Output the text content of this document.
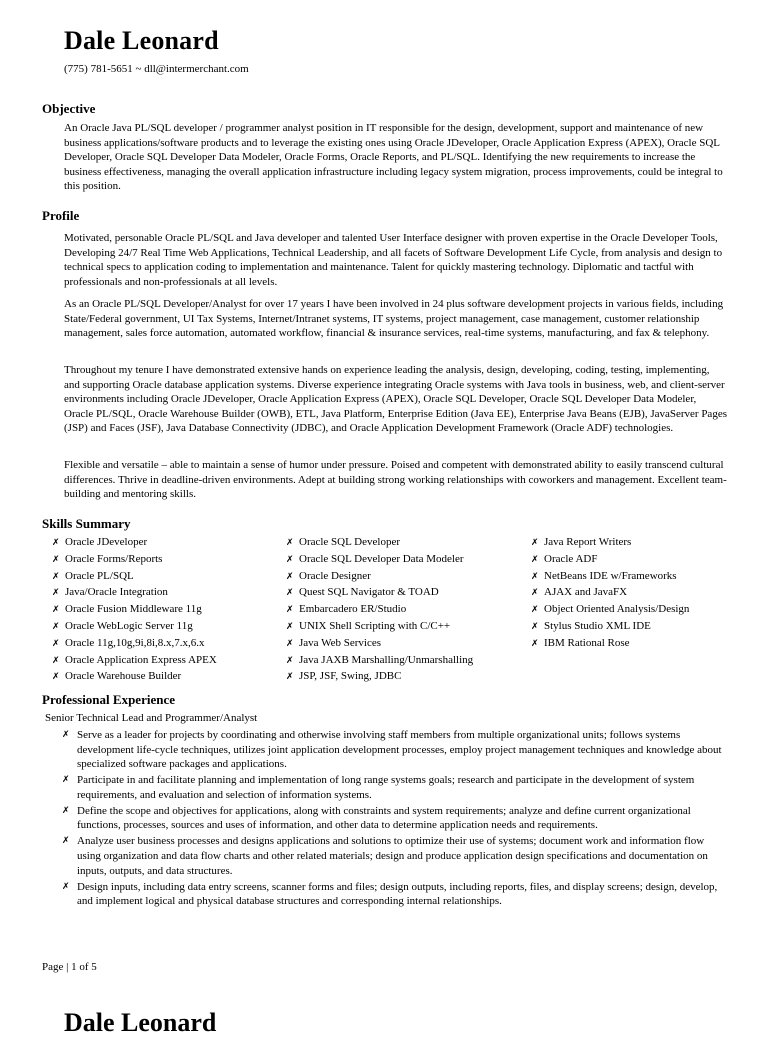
Dale Leonard
(775) 781-5651 ~ dll@intermerchant.com
Objective
An Oracle Java PL/SQL developer / programmer analyst position in IT responsible for the design, development, support and maintenance of new business applications/software products and to leverage the existing ones using Oracle JDeveloper, Oracle Application Express (APEX), Oracle SQL Developer, Oracle SQL Developer Data Modeler, Oracle Forms, Oracle Reports, and PL/SQL. Identifying the new requirements to increase the business effectiveness, managing the overall application infrastructure including legacy system migration, process improvements, could be integral to this position.
Profile
Motivated, personable Oracle PL/SQL and Java developer and talented User Interface designer with proven expertise in the Oracle Developer Tools, Developing 24/7 Real Time Web Applications, Technical Leadership, and all facets of Software Development Life Cycle, from analysis and design to technical specs to application coding to implementation and maintenance. Talent for quickly mastering technology. Diplomatic and tactful with professionals and non-professionals at all levels.
As an Oracle PL/SQL Developer/Analyst for over 17 years I have been involved in 24 plus software development projects in various fields, including State/Federal government, UI Tax Systems, Internet/Intranet systems, IT systems, project management, case management, customer relationship management, sales force automation, automated workflow, financial & insurance services, real-time systems, manufacturing, and fax & telephony.
Throughout my tenure I have demonstrated extensive hands on experience leading the analysis, design, developing, coding, testing, implementing, and supporting Oracle database application systems. Diverse experience integrating Oracle systems with Java tools in business, web, and client-server environments including Oracle JDeveloper, Oracle Application Express (APEX), Oracle SQL Developer, Oracle SQL Developer Data Modeler, Oracle PL/SQL, Oracle Warehouse Builder (OWB), ETL, Java Platform, Enterprise Edition (Java EE), Enterprise Java Beans (EJB), JavaServer Pages (JSP) and Faces (JSF), Java Database Connectivity (JDBC), and Oracle Application Development Framework (Oracle ADF) technologies.
Flexible and versatile – able to maintain a sense of humor under pressure. Poised and competent with demonstrated ability to easily transcend cultural differences. Thrive in deadline-driven environments. Adept at building strong working relationships with coworkers and management. Excellent team-building and mentoring skills.
Skills Summary
✗ Oracle JDeveloper
✗ Oracle Forms/Reports
✗ Oracle PL/SQL
✗ Java/Oracle Integration
✗ Oracle Fusion Middleware 11g
✗ Oracle WebLogic Server 11g
✗ Oracle 11g,10g,9i,8i,8.x,7.x,6.x
✗ Oracle Application Express APEX
✗ Oracle Warehouse Builder
✗ Oracle SQL Developer
✗ Oracle SQL Developer Data Modeler
✗ Oracle Designer
✗ Quest SQL Navigator & TOAD
✗ Embarcadero ER/Studio
✗ UNIX Shell Scripting with C/C++
✗ Java Web Services
✗ Java JAXB Marshalling/Unmarshalling
✗ JSP, JSF, Swing, JDBC
✗ Java Report Writers
✗ Oracle ADF
✗ NetBeans IDE w/Frameworks
✗ AJAX and JavaFX
✗ Object Oriented Analysis/Design
✗ Stylus Studio XML IDE
✗ IBM Rational Rose
Professional Experience
Senior Technical Lead and Programmer/Analyst
✗ Serve as a leader for projects by coordinating and otherwise involving staff members from multiple organizational units; follows systems development life-cycle techniques, utilizes joint application development processes, employ project management techniques and knowledge about specialized software packages and applications.
✗ Participate in and facilitate planning and implementation of long range systems goals; research and participate in the development of system requirements, and evaluation and selection of information systems.
✗ Define the scope and objectives for applications, along with constraints and system requirements; analyze and define current organizational functions, processes, sources and uses of information, and other data to determine application needs and requirements.
✗ Analyze user business processes and designs applications and solutions to optimize their use of systems; document work and information flow using organization and data flow charts and other related materials; design and produce application design specifications and documentation on inputs, outputs, and data structures.
✗ Design inputs, including data entry screens, scanner forms and files; design outputs, including reports, files, and display screens; design, develop, and implement logical and physical database structures and corresponding internal relationships.
Page | 1 of 5
Dale Leonard
